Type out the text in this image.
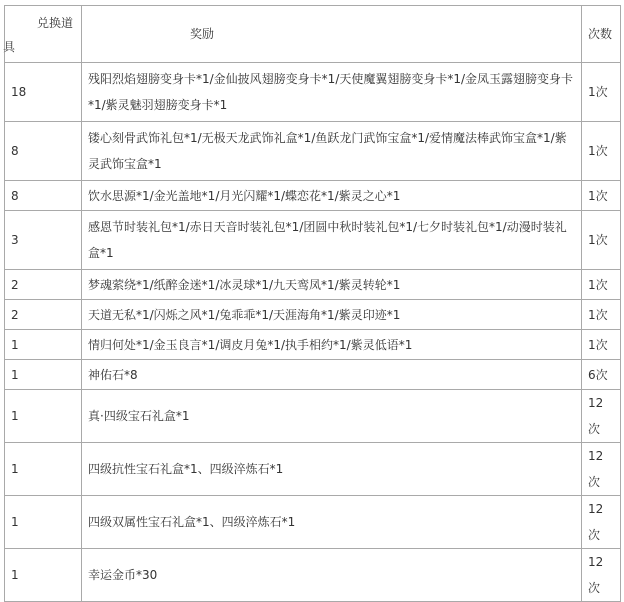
兑换道
具	奖励	次数
18	残阳烈焰翅膀变身卡*1/金仙披风翅膀变身卡*1/天使魔翼翅膀变身卡*1/金凤玉露翅膀变身卡*1/紫灵魅羽翅膀变身卡*1	1次
8	镂心刻骨武饰礼包*1/无极天龙武饰礼盒*1/鱼跃龙门武饰宝盒*1/爱情魔法棒武饰宝盒*1/紫灵武饰宝盒*1	1次
8	饮水思源*1/金光盖地*1/月光闪耀*1/蝶恋花*1/紫灵之心*1	1次
3	感恩节时装礼包*1/赤日天音时装礼包*1/团圆中秋时装礼包*1/七夕时装礼包*1/动漫时装礼盒*1	1次
2	梦魂萦绕*1/纸醉金迷*1/冰灵球*1/九天鸾凤*1/紫灵转轮*1	1次
2	天道无私*1/闪烁之风*1/兔乖乖*1/天涯海角*1/紫灵印迹*1	1次
1	情归何处*1/金玉良言*1/调皮月兔*1/执手相约*1/紫灵低语*1	1次
1	神佑石*8	6次
1	真·四级宝石礼盒*1	12次
1	四级抗性宝石礼盒*1、四级淬炼石*1	12次
1	四级双属性宝石礼盒*1、四级淬炼石*1	12次
1	幸运金币*30	12次
